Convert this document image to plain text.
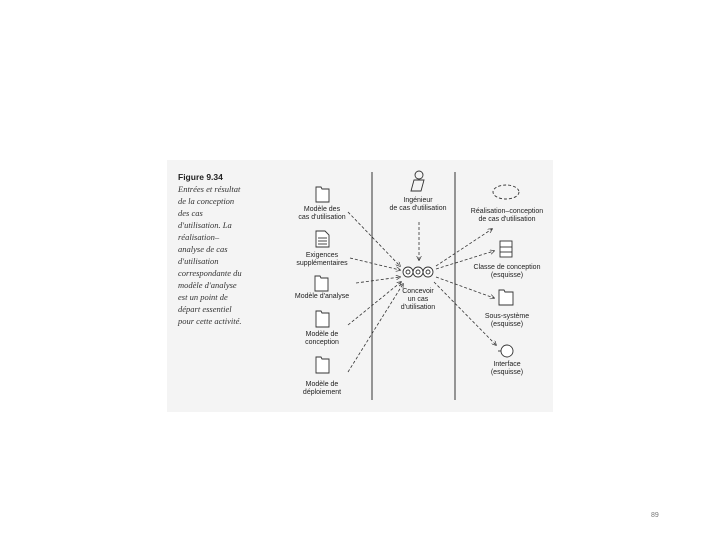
Figure 9.34
Entrées et résultat
de la conception
des cas
d'utilisation. La
réalisation–
analyse de cas
d'utilisation
correspondante du
modèle d'analyse
est un point de
départ essentiel
pour cette activité.
Ingénieur
de cas d'utilisation
Modèle des
cas d'utilisation
Exigences
supplémentaires
Modèle d'analyse
Modèle de
conception
Modèle de
déploiement
Concevoir
un cas
d'utilisation
Réalisation–conception
de cas d'utilisation
Classe de conception
(esquisse)
Sous-système
(esquisse)
Interface
(esquisse)
89
